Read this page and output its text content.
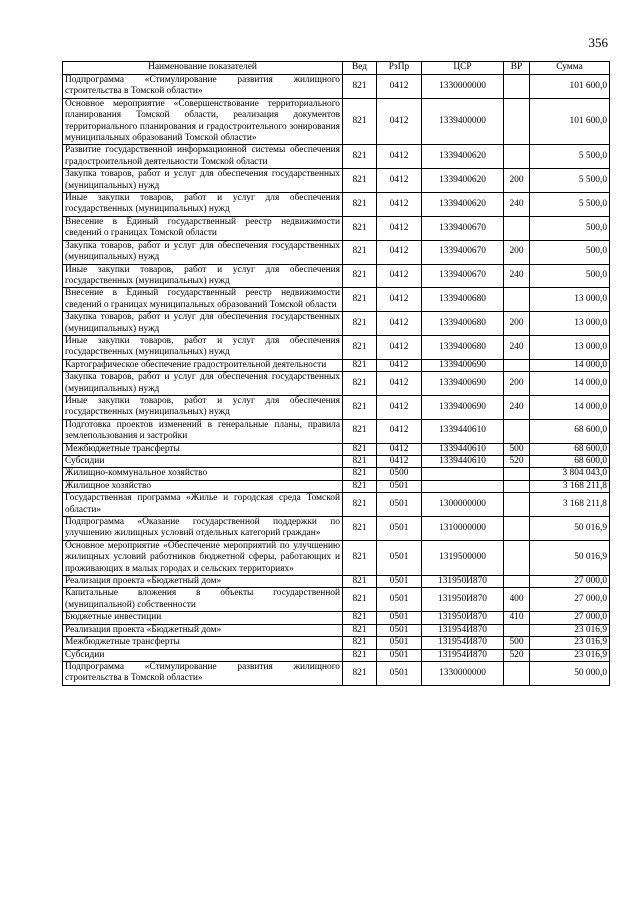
356
Наименование показателей	Вед	РзПр	ЦСР	ВР	Сумма
Подпрограмма «Стимулирование развития жилищного строительства в Томской области»	821	0412	1330000000		101 600,0
Основное мероприятие «Совершенствование территориального планирования Томской области, реализация документов территориального планирования и градостроительного зонирования муниципальных образований Томской области»	821	0412	1339400000		101 600,0
Развитие государственной информационной системы обеспечения градостроительной деятельности Томской области	821	0412	1339400620		5 500,0
Закупка товаров, работ и услуг для обеспечения государственных (муниципальных) нужд	821	0412	1339400620	200	5 500,0
Иные закупки товаров, работ и услуг для обеспечения государственных (муниципальных) нужд	821	0412	1339400620	240	5 500,0
Внесение в Единый государственный реестр недвижимости сведений о границах Томской области	821	0412	1339400670		500,0
Закупка товаров, работ и услуг для обеспечения государственных (муниципальных) нужд	821	0412	1339400670	200	500,0
Иные закупки товаров, работ и услуг для обеспечения государственных (муниципальных) нужд	821	0412	1339400670	240	500,0
Внесение в Единый государственный реестр недвижимости сведений о границах муниципальных образований Томской области	821	0412	1339400680		13 000,0
Закупка товаров, работ и услуг для обеспечения государственных (муниципальных) нужд	821	0412	1339400680	200	13 000,0
Иные закупки товаров, работ и услуг для обеспечения государственных (муниципальных) нужд	821	0412	1339400680	240	13 000,0
Картографическое обеспечение градостроительной деятельности	821	0412	1339400690		14 000,0
Закупка товаров, работ и услуг для обеспечения государственных (муниципальных) нужд	821	0412	1339400690	200	14 000,0
Иные закупки товаров, работ и услуг для обеспечения государственных (муниципальных) нужд	821	0412	1339400690	240	14 000,0
Подготовка проектов изменений в генеральные планы, правила землепользования и застройки	821	0412	1339440610		68 600,0
Межбюджетные трансферты	821	0412	1339440610	500	68 600,0
Субсидии	821	0412	1339440610	520	68 600,0
Жилищно-коммунальное хозяйство	821	0500			3 804 043,0
Жилищное хозяйство	821	0501			3 168 211,8
Государственная программа «Жилье и городская среда Томской области»	821	0501	1300000000		3 168 211,8
Подпрограмма «Оказание государственной поддержки по улучшению жилищных условий отдельных категорий граждан»	821	0501	1310000000		50 016,9
Основное мероприятие «Обеспечение мероприятий по улучшению жилищных условий работников бюджетной сферы, работающих и проживающих в малых городах и сельских территориях»	821	0501	1319500000		50 016,9
Реализация проекта «Бюджетный дом»	821	0501	131950И870		27 000,0
Капитальные вложения в объекты государственной (муниципальной) собственности	821	0501	131950И870	400	27 000,0
Бюджетные инвестиции	821	0501	131950И870	410	27 000,0
Реализация проекта «Бюджетный дом»	821	0501	131954И870		23 016,9
Межбюджетные трансферты	821	0501	131954И870	500	23 016,9
Субсидии	821	0501	131954И870	520	23 016,9
Подпрограмма «Стимулирование развития жилищного строительства в Томской области»	821	0501	1330000000		50 000,0
